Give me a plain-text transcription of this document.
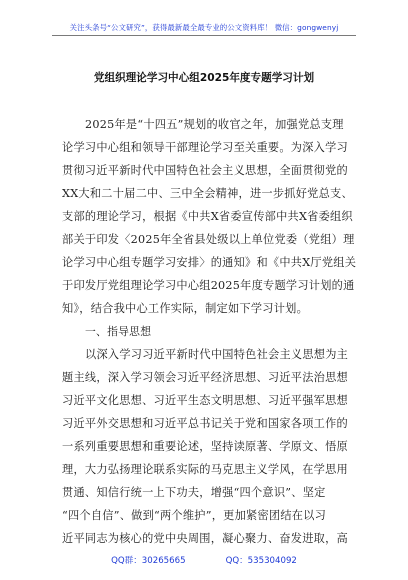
关注头条号“公文研究”，获得最新最全最专业的公文资料库！ 微信：gongwenyj
党组织理论学习中心组2025年度专题学习计划
2025年是“十四五”规划的收官之年，加强党总支理
论学习中心组和领导干部理论学习至关重要。为深入学习
贯彻习近平新时代中国特色社会主义思想，全面贯彻党的
XX大和二十届二中、三中全会精神，进一步抓好党总支、
支部的理论学习，根据《中共X省委宣传部中共X省委组织
部关于印发〈2025年全省县处级以上单位党委（党组）理
论学习中心组专题学习安排〉的通知》和《中共X厅党组关
于印发厅党组理论学习中心组2025年度专题学习计划的通
知》，结合我中心工作实际，制定如下学习计划。
一、指导思想
以深入学习习近平新时代中国特色社会主义思想为主
题主线，深入学习领会习近平经济思想、习近平法治思想
习近平文化思想、习近平生态文明思想、习近平强军思想
习近平外交思想和习近平总书记关于党和国家各项工作的
一系列重要思想和重要论述，坚持读原著、学原文、悟原
理，大力弘扬理论联系实际的马克思主义学风，在学思用
贯通、知信行统一上下功夫，增强“四个意识”、坚定
“四个自信”、做到“两个维护”，更加紧密团结在以习
近平同志为核心的党中央周围，凝心聚力、奋发进取，高
QQ群：30265665	QQ：535304092
